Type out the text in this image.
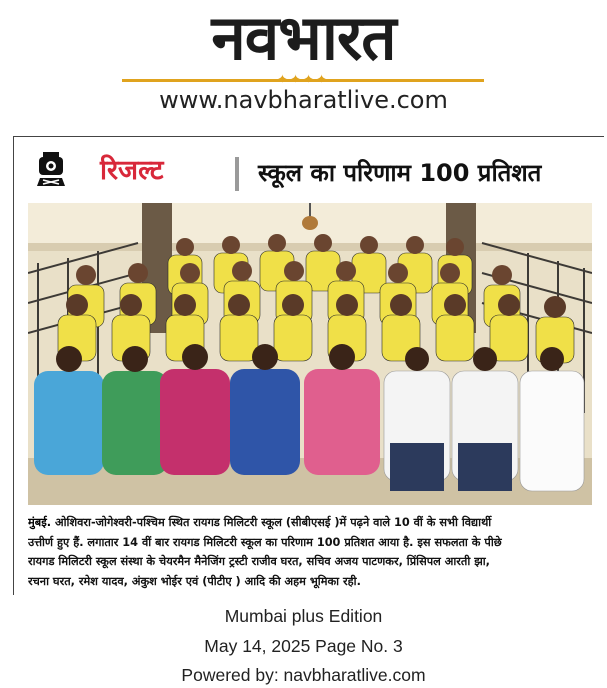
नवभारत
✦✦✦✦
www.navbharatlive.com
रिजल्ट	स्कूल का परिणाम 100 प्रतिशत
मुंबई. ओशिवरा-जोगेश्वरी-पश्चिम स्थित रायगड मिलिटरी स्कूल (सीबीएसई )में पढ़ने वाले 10 वीं के सभी विद्यार्थी
उत्तीर्ण हुए हैं. लगातार 14 वीं बार रायगड मिलिटरी स्कूल का परिणाम 100 प्रतिशत आया है. इस सफलता के पीछे
रायगड मिलिटरी स्कूल संस्था के चेयरमैन मैनेजिंग ट्रस्टी राजीव घरत, सचिव अजय पाटणकर, प्रिंसिपल आरती झा,
रचना घरत, रमेश यादव, अंकुश भोईर एवं (पीटीए ) आदि की अहम भूमिका रही.
Mumbai plus Edition
May 14, 2025 Page No. 3
Powered by: navbharatlive.com
